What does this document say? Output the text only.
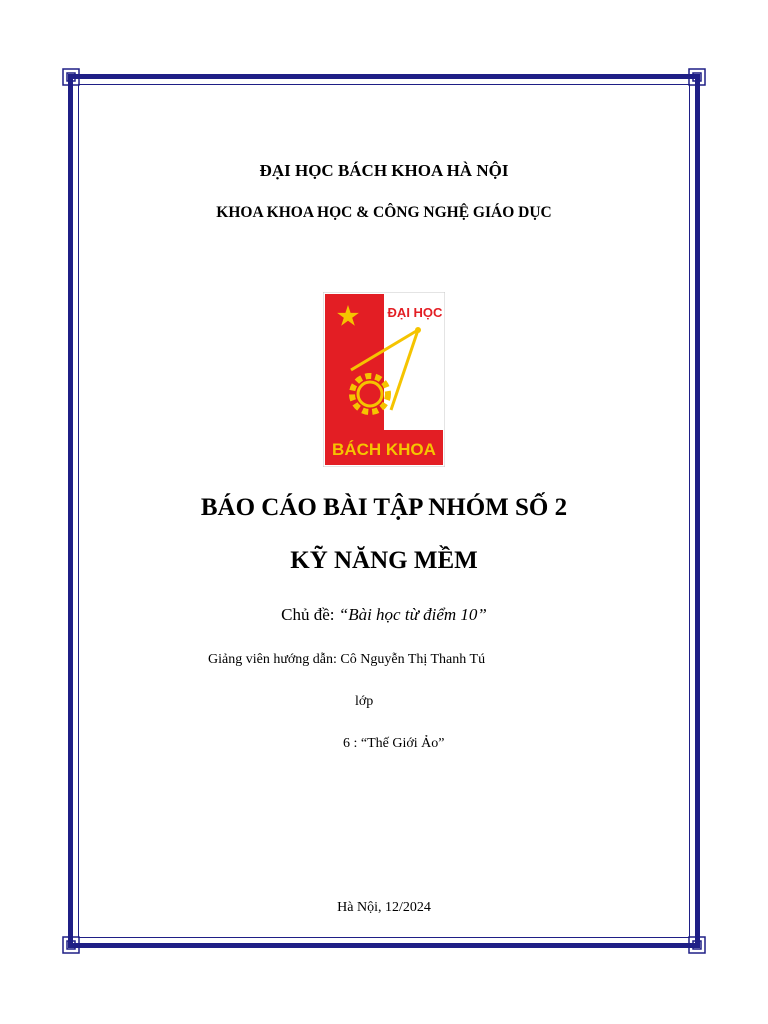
ĐẠI HỌC BÁCH KHOA HÀ NỘI
KHOA KHOA HỌC & CÔNG NGHỆ GIÁO DỤC
ĐẠI HỌC
BÁCH KHOA
BÁO CÁO BÀI TẬP NHÓM SỐ 2
KỸ NĂNG MỀM
Chủ đề: “Bài học từ điểm 10”
Giảng viên hướng dẫn: Cô Nguyễn Thị Thanh Tú
lớp
6 : “Thế Giới Ảo”
Hà Nội, 12/2024
